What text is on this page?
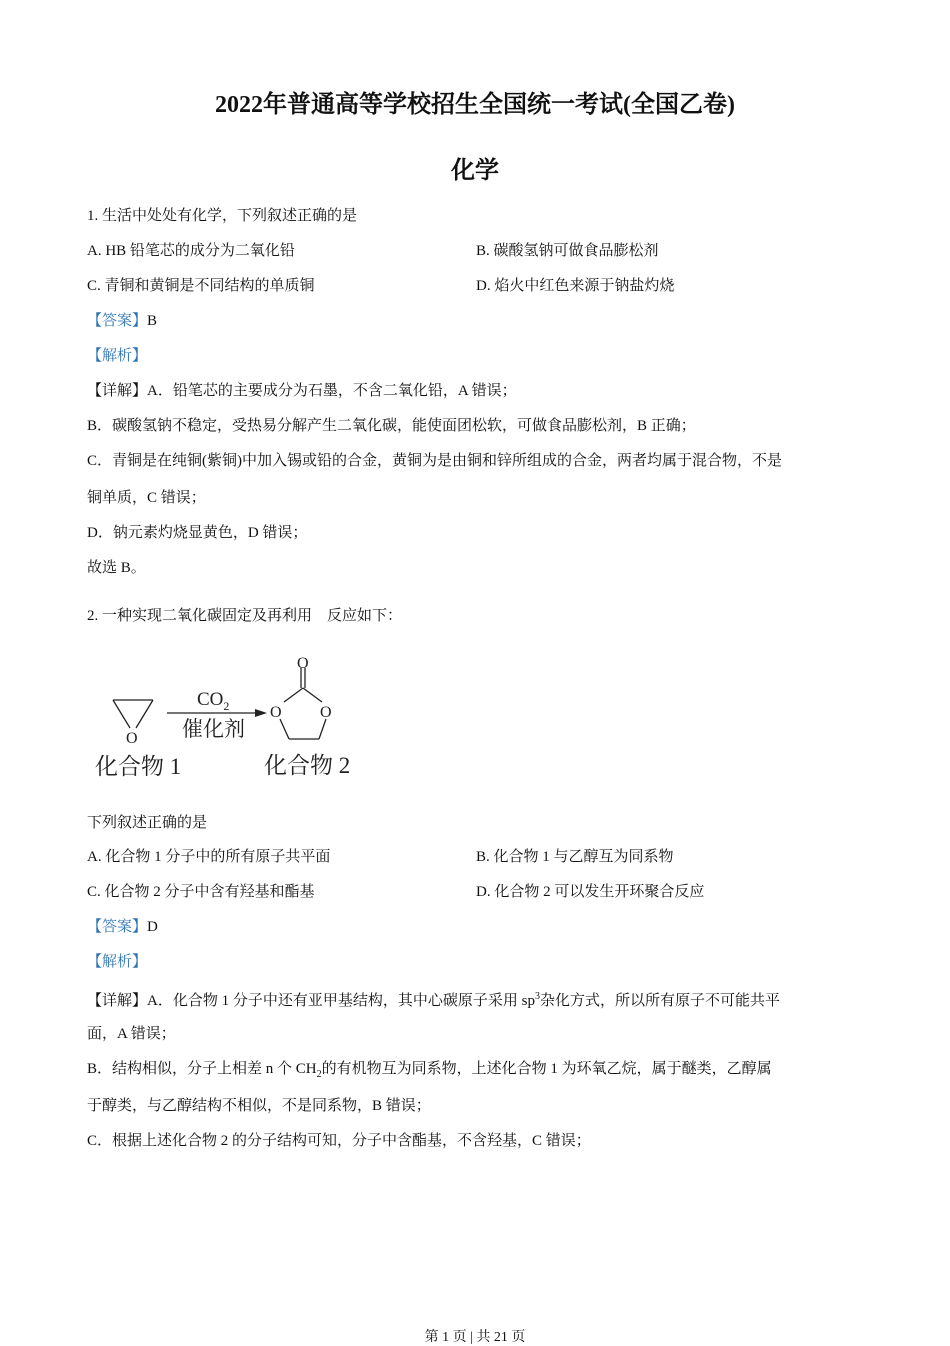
2022年普通高等学校招生全国统一考试(全国乙卷)
化学
1. 生活中处处有化学，下列叙述正确的是
A. HB 铅笔芯的成分为二氧化铅	B. 碳酸氢钠可做食品膨松剂
C. 青铜和黄铜是不同结构的单质铜	D. 焰火中红色来源于钠盐灼烧
【答案】B
【解析】
【详解】A．铅笔芯的主要成分为石墨，不含二氧化铅，A 错误；
B．碳酸氢钠不稳定，受热易分解产生二氧化碳，能使面团松软，可做食品膨松剂，B 正确；
C．青铜是在纯铜(紫铜)中加入锡或铅的合金，黄铜为是由铜和锌所组成的合金，两者均属于混合物，不是
铜单质，C 错误；
D．钠元素灼烧显黄色，D 错误；
故选 B。
2. 一种实现二氧化碳固定及再利用　反应如下：
O
$CO_2$
催化剂
O
O O
化合物 1	化合物 2
下列叙述正确的是
A. 化合物 1 分子中的所有原子共平面	B. 化合物 1 与乙醇互为同系物
C. 化合物 2 分子中含有羟基和酯基	D. 化合物 2 可以发生开环聚合反应
【答案】D
【解析】
【详解】A．化合物 1 分子中还有亚甲基结构，其中心碳原子采用 $sp^3$杂化方式，所以所有原子不可能共平
面，A 错误；
B．结构相似，分子上相差 n 个 $CH_2$的有机物互为同系物，上述化合物 1 为环氧乙烷，属于醚类，乙醇属
于醇类，与乙醇结构不相似，不是同系物，B 错误；
C．根据上述化合物 2 的分子结构可知，分子中含酯基，不含羟基，C 错误；
第 1 页 | 共 21 页
